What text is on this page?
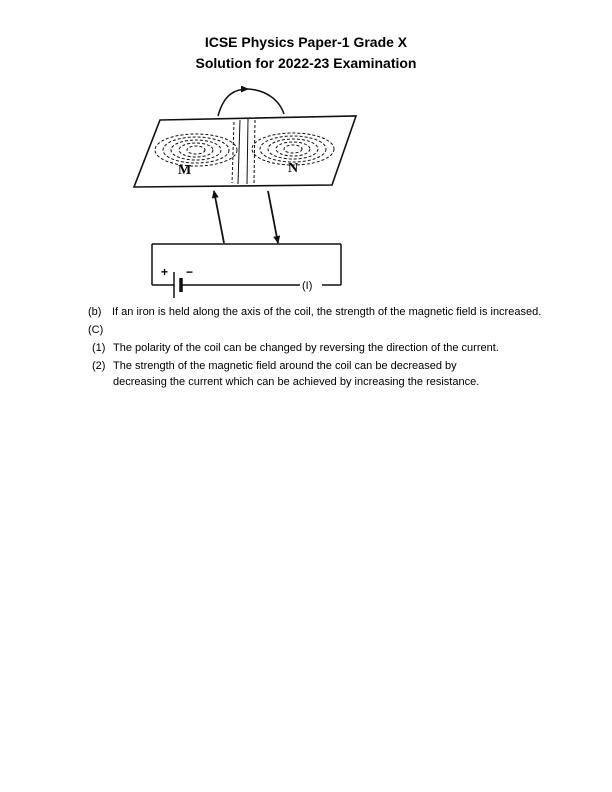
ICSE Physics Paper-1 Grade X
Solution for 2022-23 Examination
M	N
+ −
(I)
(b) If an iron is held along the axis of the coil, the strength of the magnetic field is increased.
(C)
(1) The polarity of the coil can be changed by reversing the direction of the current.
(2) The strength of the magnetic field around the coil can be decreased by decreasing the current which can be achieved by increasing the resistance.
